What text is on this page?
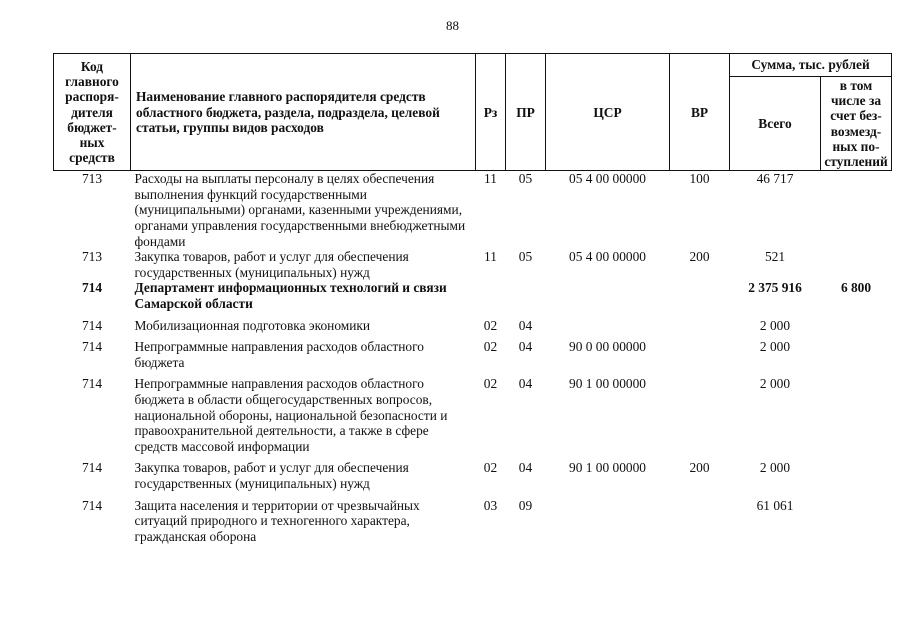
88
Код главного распоря-дителя бюджет-ных средств	Наименование главного распорядителя средств областного бюджета, раздела, подраздела, целевой статьи, группы видов расходов	Рз	ПР	ЦСР	ВР	Сумма, тыс. рублей	
						Всего	в том числе за счет без-возмезд-ных по-ступлений
713	Расходы на выплаты персоналу в целях обеспечения выполнения функций государственными (муниципальными) органами, казенными учреждениями, органами управления государственными внебюджетными фондами	11	05	05 4 00 00000	100	46 717	
713	Закупка товаров, работ и услуг для обеспечения государственных (муниципальных) нужд	11	05	05 4 00 00000	200	521	
714	Департамент информационных технологий и связи Самарской области					2 375 916	6 800
714	Мобилизационная подготовка экономики	02	04			2 000	
714	Непрограммные направления расходов областного бюджета	02	04	90 0 00 00000		2 000	
714	Непрограммные направления расходов областного бюджета в области общегосударственных вопросов, национальной обороны, национальной безопасности и правоохранительной деятельности, а также в сфере средств массовой информации	02	04	90 1 00 00000		2 000	
714	Закупка товаров, работ и услуг для обеспечения государственных (муниципальных) нужд	02	04	90 1 00 00000	200	2 000	
714	Защита населения и территории от чрезвычайных ситуаций природного и техногенного характера, гражданская оборона	03	09			61 061	
